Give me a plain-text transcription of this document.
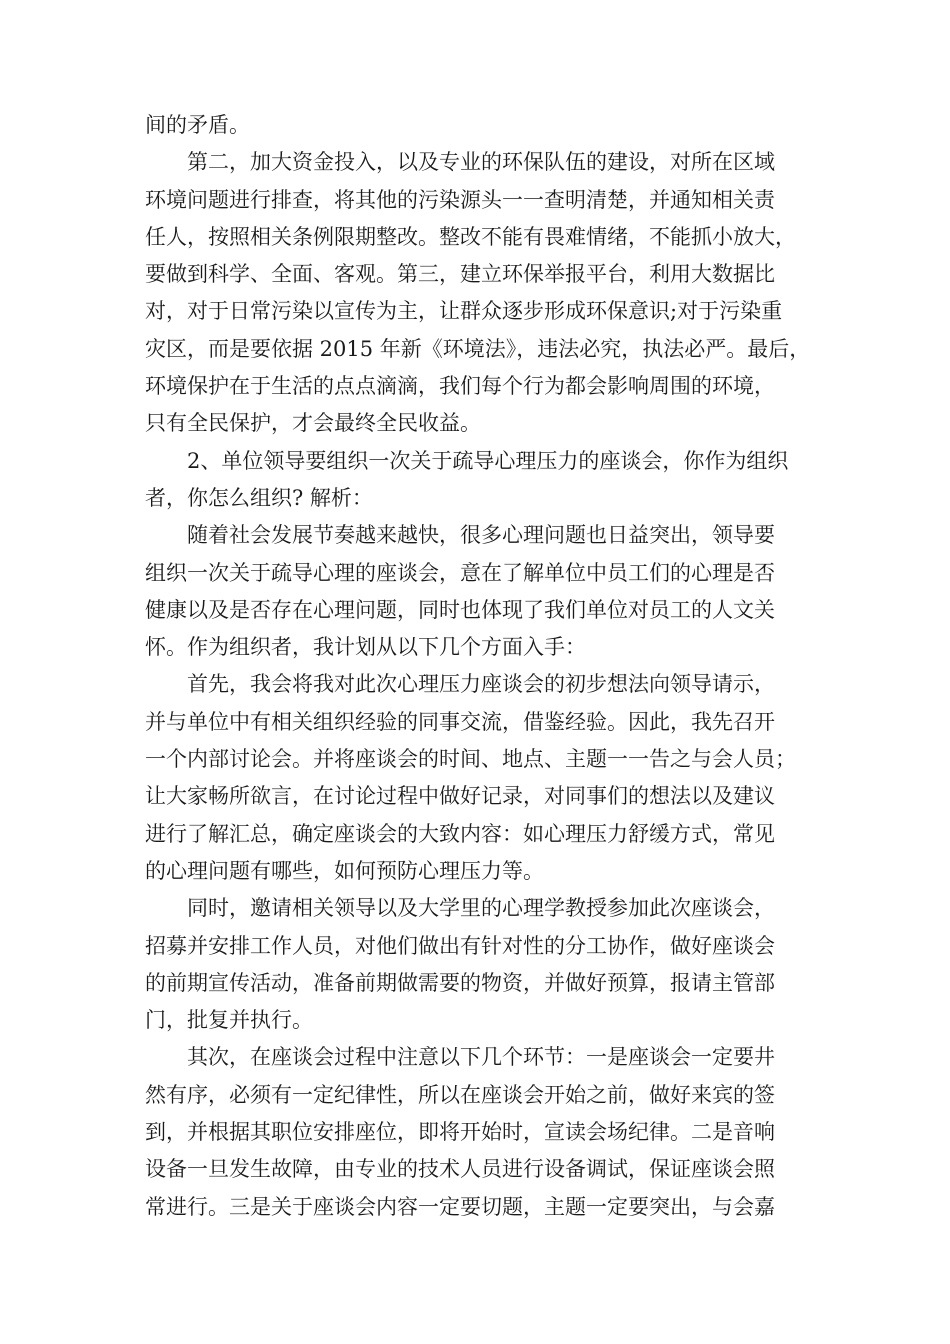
间的矛盾。
第二，加大资金投入，以及专业的环保队伍的建设，对所在区域
环境问题进行排查，将其他的污染源头一一查明清楚，并通知相关责
任人，按照相关条例限期整改。整改不能有畏难情绪，不能抓小放大，
要做到科学、全面、客观。第三，建立环保举报平台，利用大数据比
对，对于日常污染以宣传为主，让群众逐步形成环保意识;对于污染重
灾区，而是要依据 2015 年新《环境法》，违法必究，执法必严。最后，
环境保护在于生活的点点滴滴，我们每个行为都会影响周围的环境，
只有全民保护，才会最终全民收益。
2、单位领导要组织一次关于疏导心理压力的座谈会，你作为组织
者，你怎么组织? 解析：
随着社会发展节奏越来越快，很多心理问题也日益突出，领导要
组织一次关于疏导心理的座谈会，意在了解单位中员工们的心理是否
健康以及是否存在心理问题，同时也体现了我们单位对员工的人文关
怀。作为组织者，我计划从以下几个方面入手：
首先，我会将我对此次心理压力座谈会的初步想法向领导请示，
并与单位中有相关组织经验的同事交流，借鉴经验。因此，我先召开
一个内部讨论会。并将座谈会的时间、地点、主题一一告之与会人员；
让大家畅所欲言，在讨论过程中做好记录，对同事们的想法以及建议
进行了解汇总，确定座谈会的大致内容：如心理压力舒缓方式，常见
的心理问题有哪些，如何预防心理压力等。
同时，邀请相关领导以及大学里的心理学教授参加此次座谈会，
招募并安排工作人员，对他们做出有针对性的分工协作，做好座谈会
的前期宣传活动，准备前期做需要的物资，并做好预算，报请主管部
门，批复并执行。
其次，在座谈会过程中注意以下几个环节：一是座谈会一定要井
然有序，必须有一定纪律性，所以在座谈会开始之前，做好来宾的签
到，并根据其职位安排座位，即将开始时，宣读会场纪律。二是音响
设备一旦发生故障，由专业的技术人员进行设备调试，保证座谈会照
常进行。三是关于座谈会内容一定要切题，主题一定要突出，与会嘉
